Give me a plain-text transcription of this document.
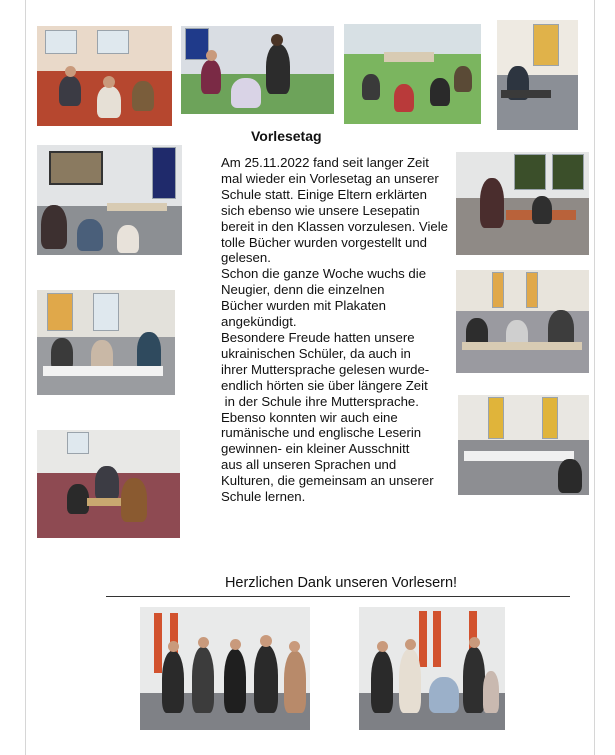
Vorlesetag
Am 25.11.2022 fand seit langer Zeit
mal wieder ein Vorlesetag an unserer
Schule statt. Einige Eltern erklärten
sich ebenso wie unsere Lesepatin
bereit in den Klassen vorzulesen. Viele
tolle Bücher wurden vorgestellt und
gelesen.
Schon die ganze Woche wuchs die
Neugier, denn die einzelnen
Bücher wurden mit Plakaten
angekündigt.
Besondere Freude hatten unsere
ukrainischen Schüler, da auch in
ihrer Muttersprache gelesen wurde-
endlich hörten sie über längere Zeit
in der Schule ihre Muttersprache.
Ebenso konnten wir auch eine
rumänische und englische Leserin
gewinnen- ein kleiner Ausschnitt
aus all unseren Sprachen und
Kulturen, die gemeinsam an unserer
Schule lernen.
Herzlichen Dank unseren Vorlesern!
